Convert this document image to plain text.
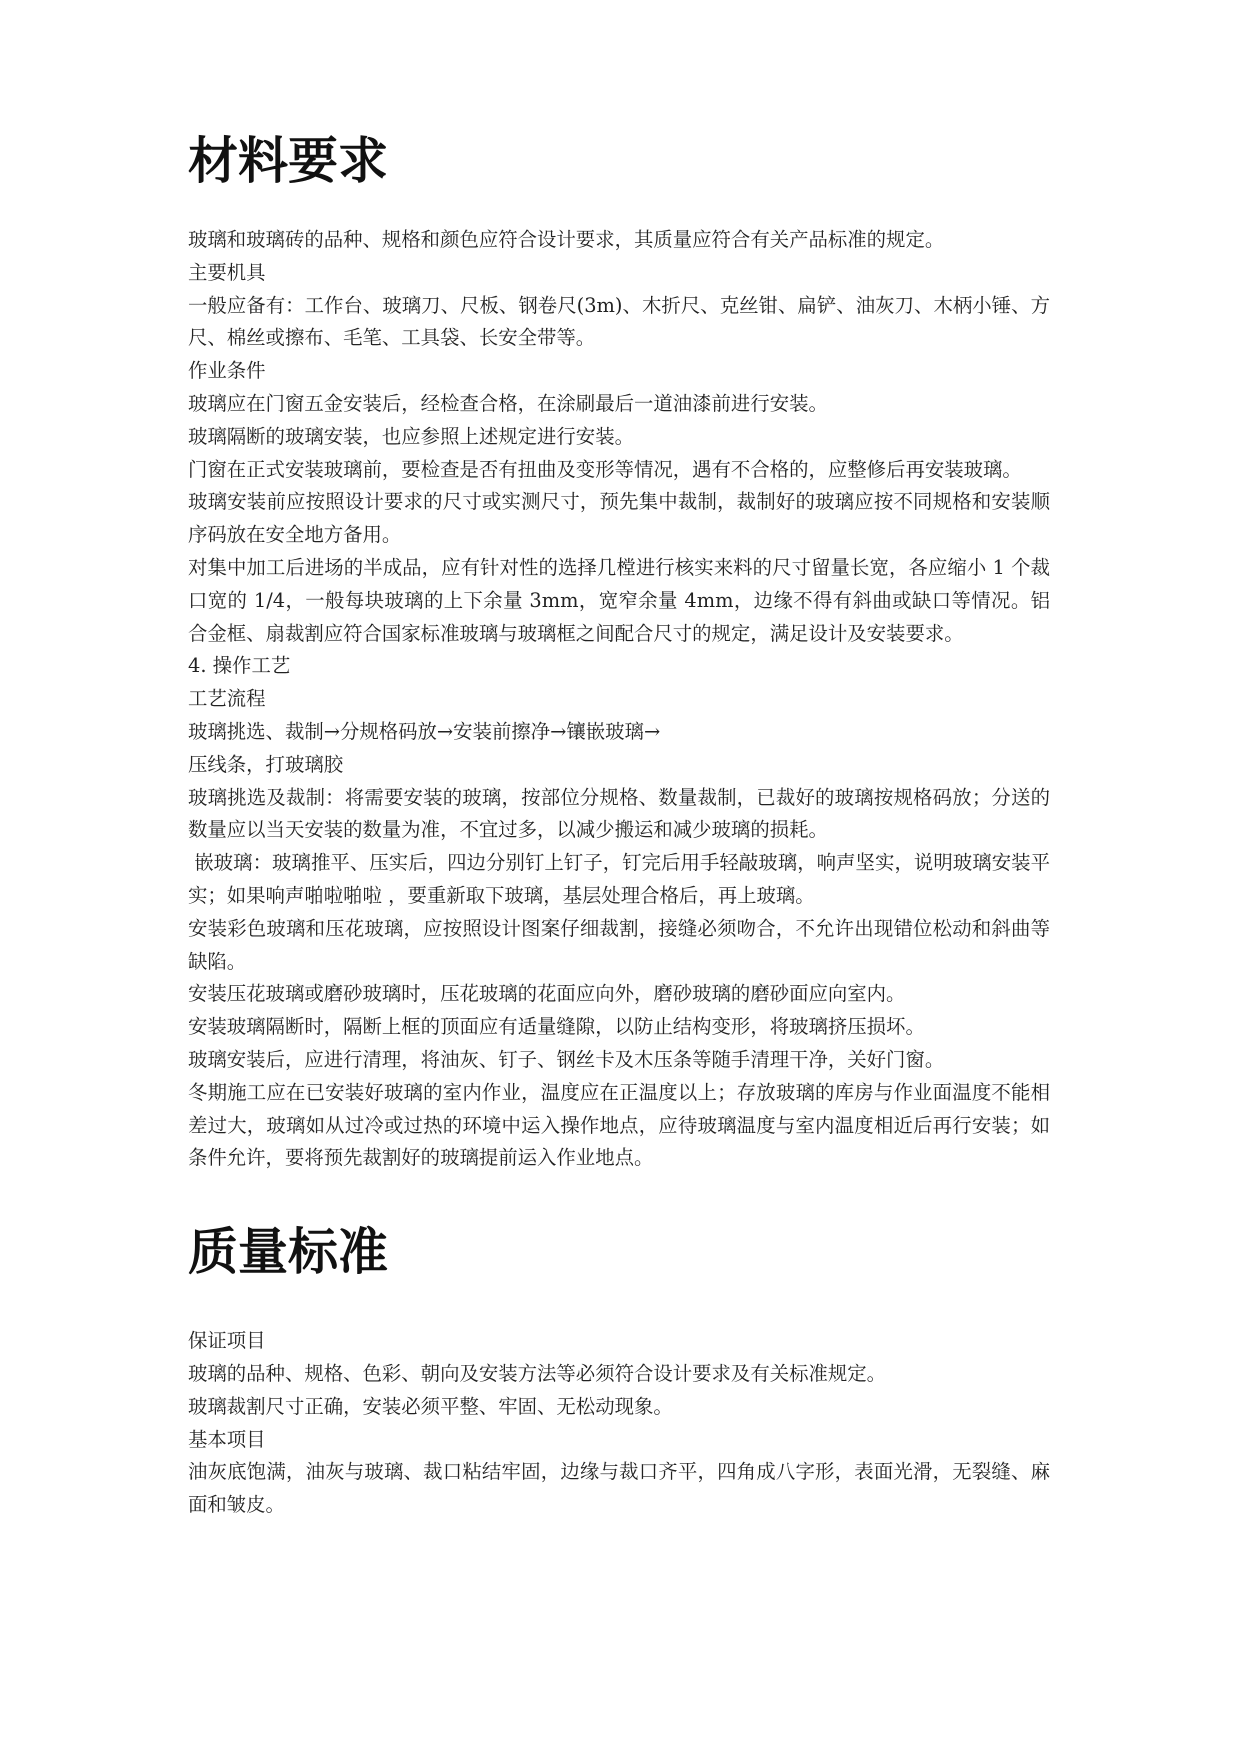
材料要求

玻璃和玻璃砖的品种、规格和颜色应符合设计要求，其质量应符合有关产品标准的规定。

主要机具

一般应备有：工作台、玻璃刀、尺板、钢卷尺(3m)、木折尺、克丝钳、扁铲、油灰刀、木柄小锤、方尺、棉丝或擦布、毛笔、工具袋、长安全带等。

作业条件

玻璃应在门窗五金安装后，经检查合格，在涂刷最后一道油漆前进行安装。

玻璃隔断的玻璃安装，也应参照上述规定进行安装。

门窗在正式安装玻璃前，要检查是否有扭曲及变形等情况，遇有不合格的，应整修后再安装玻璃。

玻璃安装前应按照设计要求的尺寸或实测尺寸，预先集中裁制，裁制好的玻璃应按不同规格和安装顺序码放在安全地方备用。

对集中加工后进场的半成品，应有针对性的选择几樘进行核实来料的尺寸留量长宽，各应缩小 1 个裁口宽的 1/4，一般每块玻璃的上下余量 3mm，宽窄余量 4mm，边缘不得有斜曲或缺口等情况。铝合金框、扇裁割应符合国家标准玻璃与玻璃框之间配合尺寸的规定，满足设计及安装要求。

4. 操作工艺

工艺流程

玻璃挑选、裁制→分规格码放→安装前擦净→镶嵌玻璃→

压线条，打玻璃胶

玻璃挑选及裁制：将需要安装的玻璃，按部位分规格、数量裁制，已裁好的玻璃按规格码放；分送的数量应以当天安装的数量为准，不宜过多，以减少搬运和减少玻璃的损耗。

嵌玻璃：玻璃推平、压实后，四边分别钉上钉子，钉完后用手轻敲玻璃，响声坚实，说明玻璃安装平实；如果响声啪啦啪啦 ，要重新取下玻璃，基层处理合格后，再上玻璃。

安装彩色玻璃和压花玻璃，应按照设计图案仔细裁割，接缝必须吻合，不允许出现错位松动和斜曲等缺陷。

安装压花玻璃或磨砂玻璃时，压花玻璃的花面应向外，磨砂玻璃的磨砂面应向室内。

安装玻璃隔断时，隔断上框的顶面应有适量缝隙，以防止结构变形，将玻璃挤压损坏。

玻璃安装后，应进行清理，将油灰、钉子、钢丝卡及木压条等随手清理干净，关好门窗。

冬期施工应在已安装好玻璃的室内作业，温度应在正温度以上；存放玻璃的库房与作业面温度不能相差过大，玻璃如从过冷或过热的环境中运入操作地点，应待玻璃温度与室内温度相近后再行安装；如条件允许，要将预先裁割好的玻璃提前运入作业地点。

质量标准

保证项目

玻璃的品种、规格、色彩、朝向及安装方法等必须符合设计要求及有关标准规定。

玻璃裁割尺寸正确，安装必须平整、牢固、无松动现象。

基本项目

油灰底饱满，油灰与玻璃、裁口粘结牢固，边缘与裁口齐平，四角成八字形，表面光滑，无裂缝、麻面和皱皮。
